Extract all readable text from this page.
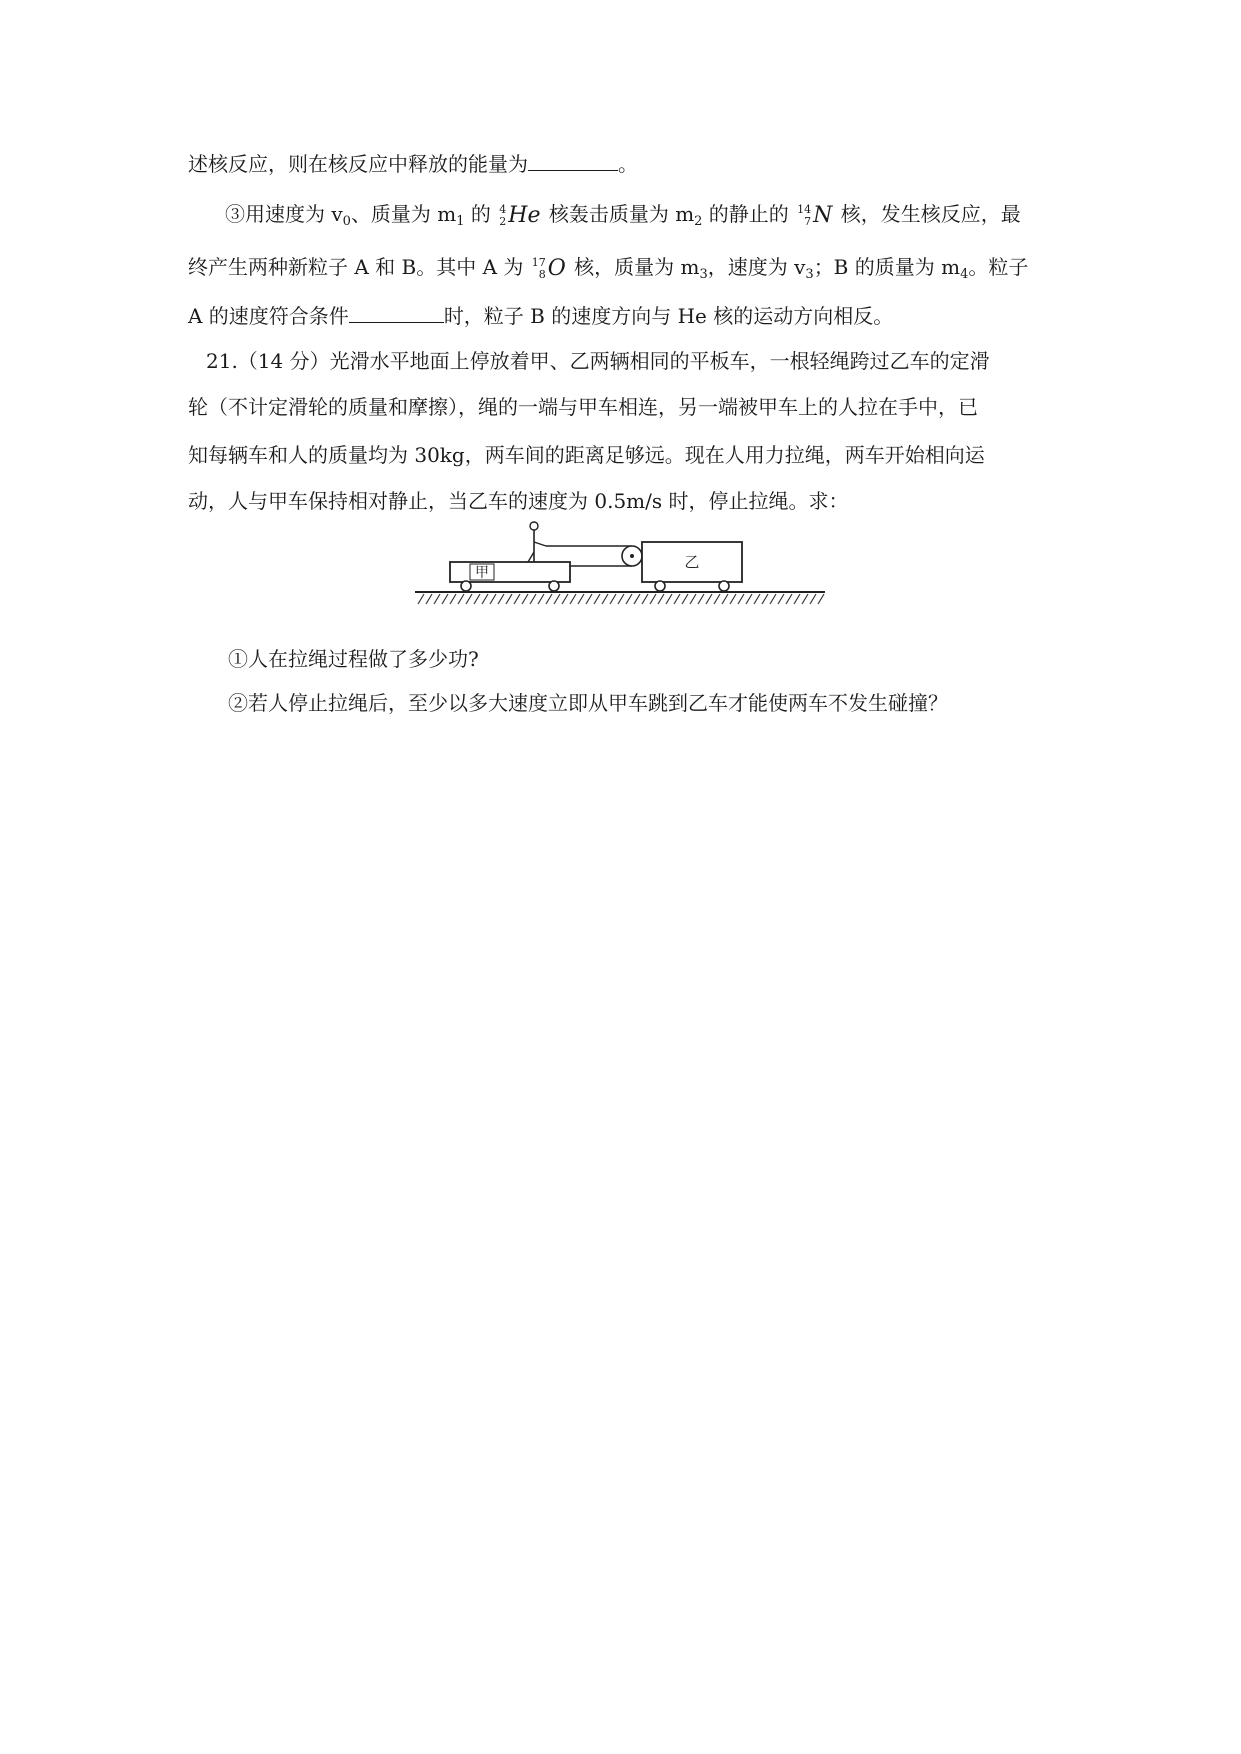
述核反应，则在核反应中释放的能量为	。
③用速度为 $v_0$、质量为 $m_1$ 的 4
2 He 核轰击质量为 $m_2$ 的静止的 14
7 N 核，发生核反应，最
终产生两种新粒子 A 和 B。其中 A 为 17
8 O 核，质量为 $m_3$，速度为 $v_3$；B 的质量为 $m_4$。粒子
A 的速度符合条件	时，粒子 B 的速度方向与 He 核的运动方向相反。
21.（14 分）光滑水平地面上停放着甲、乙两辆相同的平板车，一根轻绳跨过乙车的定滑
轮（不计定滑轮的质量和摩擦），绳的一端与甲车相连，另一端被甲车上的人拉在手中，已
知每辆车和人的质量均为 30kg，两车间的距离足够远。现在人用力拉绳，两车开始相向运
动，人与甲车保持相对静止，当乙车的速度为 0.5m/s 时，停止拉绳。求：
甲
乙
①人在拉绳过程做了多少功?
②若人停止拉绳后，至少以多大速度立即从甲车跳到乙车才能使两车不发生碰撞？
